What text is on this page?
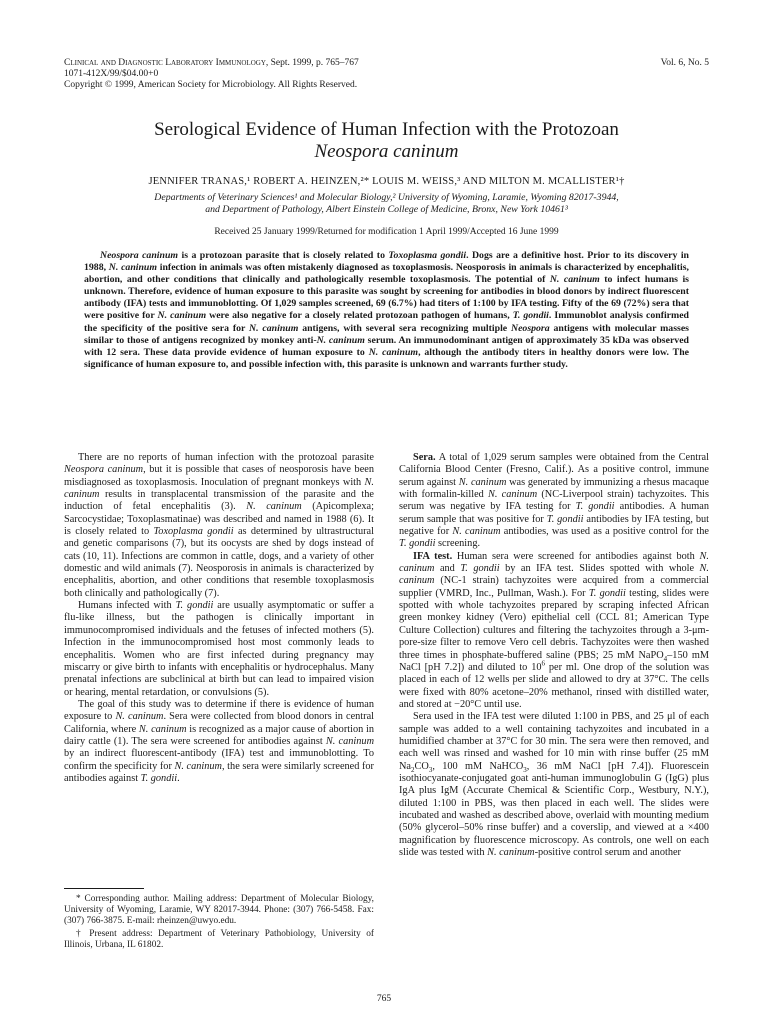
Clinical and Diagnostic Laboratory Immunology, Sept. 1999, p. 765–767
1071-412X/99/$04.00+0
Copyright © 1999, American Society for Microbiology. All Rights Reserved.
Vol. 6, No. 5
Serological Evidence of Human Infection with the Protozoan
Neospora caninum
JENNIFER TRANAS,¹ ROBERT A. HEINZEN,²* LOUIS M. WEISS,³ AND MILTON M. MCALLISTER¹†
Departments of Veterinary Sciences¹ and Molecular Biology,² University of Wyoming, Laramie, Wyoming 82017-3944,
and Department of Pathology, Albert Einstein College of Medicine, Bronx, New York 10461³
Received 25 January 1999/Returned for modification 1 April 1999/Accepted 16 June 1999
Neospora caninum is a protozoan parasite that is closely related to Toxoplasma gondii. Dogs are a definitive host. Prior to its discovery in 1988, N. caninum infection in animals was often mistakenly diagnosed as toxoplasmosis. Neosporosis in animals is characterized by encephalitis, abortion, and other conditions that clinically and pathologically resemble toxoplasmosis. The potential of N. caninum to infect humans is unknown. Therefore, evidence of human exposure to this parasite was sought by screening for antibodies in blood donors by indirect fluorescent antibody (IFA) tests and immunoblotting. Of 1,029 samples screened, 69 (6.7%) had titers of 1:100 by IFA testing. Fifty of the 69 (72%) sera that were positive for N. caninum were also negative for a closely related protozoan pathogen of humans, T. gondii. Immunoblot analysis confirmed the specificity of the positive sera for N. caninum antigens, with several sera recognizing multiple Neospora antigens with molecular masses similar to those of antigens recognized by monkey anti-N. caninum serum. An immunodominant antigen of approximately 35 kDa was observed with 12 sera. These data provide evidence of human exposure to N. caninum, although the antibody titers in healthy donors were low. The significance of human exposure to, and possible infection with, this parasite is unknown and warrants further study.

There are no reports of human infection with the protozoal parasite Neospora caninum, but it is possible that cases of neosporosis have been misdiagnosed as toxoplasmosis. Inoculation of pregnant monkeys with N. caninum results in transplacental transmission of the parasite and the induction of fetal encephalitis (3). N. caninum (Apicomplexa; Sarcocystidae; Toxoplasmatinae) was described and named in 1988 (6). It is closely related to Toxoplasma gondii as determined by ultrastructural and genetic comparisons (7), but its oocysts are shed by dogs instead of cats (10, 11). Infections are common in cattle, dogs, and a variety of other domestic and wild animals (7). Neosporosis in animals is characterized by encephalitis, abortion, and other conditions that resemble toxoplasmosis both clinically and pathologically (7).

Humans infected with T. gondii are usually asymptomatic or suffer a flu-like illness, but the pathogen is clinically important in immunocompromised individuals and the fetuses of infected mothers (5). Infection in the immunocompromised host most commonly leads to encephalitis. Women who are first infected during pregnancy may miscarry or give birth to infants with encephalitis or hydrocephalus. Many prenatal infections are subclinical at birth but can lead to impaired vision or hearing, mental retardation, or convulsions (5).

The goal of this study was to determine if there is evidence of human exposure to N. caninum. Sera were collected from blood donors in central California, where N. caninum is recognized as a major cause of abortion in dairy cattle (1). The sera were screened for antibodies against N. caninum by an indirect fluorescent-antibody (IFA) test and immunoblotting. To confirm the specificity for N. caninum, the sera were similarly screened for antibodies against T. gondii.

Sera. A total of 1,029 serum samples were obtained from the Central California Blood Center (Fresno, Calif.). As a positive control, immune serum against N. caninum was generated by immunizing a rhesus macaque with formalin-killed N. caninum (NC-Liverpool strain) tachyzoites. This serum was negative by IFA testing for T. gondii antibodies. A human serum sample that was positive for T. gondii antibodies by IFA testing, but negative for N. caninum antibodies, was used as a positive control for the T. gondii screening.

IFA test. Human sera were screened for antibodies against both N. caninum and T. gondii by an IFA test. Slides spotted with whole N. caninum (NC-1 strain) tachyzoites were acquired from a commercial supplier (VMRD, Inc., Pullman, Wash.). For T. gondii testing, slides were spotted with whole tachyzoites prepared by scraping infected African green monkey kidney (Vero) epithelial cell (CCL 81; American Type Culture Collection) cultures and filtering the tachyzoites through a 3-μm-pore-size filter to remove Vero cell debris. Tachyzoites were then washed three times in phosphate-buffered saline (PBS; 25 mM NaPO$_4$–150 mM NaCl [pH 7.2]) and diluted to $10^6$ per ml. One drop of the solution was placed in each of 12 wells per slide and allowed to dry at 37°C. The cells were fixed with 80% acetone–20% methanol, rinsed with distilled water, and stored at −20°C until use.

Sera used in the IFA test were diluted 1:100 in PBS, and 25 μl of each sample was added to a well containing tachyzoites and incubated in a humidified chamber at 37°C for 30 min. The sera were then removed, and each well was rinsed and washed for 10 min with rinse buffer (25 mM $Na_2CO_3$, 100 mM NaHCO$_3$, 36 mM NaCl [pH 7.4]). Fluorescein isothiocyanate-conjugated goat anti-human immunoglobulin G (IgG) plus IgA plus IgM (Accurate Chemical & Scientific Corp., Westbury, N.Y.), diluted 1:100 in PBS, was then placed in each well. The slides were incubated and washed as described above, overlaid with mounting medium (50% glycerol–50% rinse buffer) and a coverslip, and viewed at a ×400 magnification by fluorescence microscopy. As controls, one well on each slide was tested with N. caninum-positive control serum and another

* Corresponding author. Mailing address: Department of Molecular Biology, University of Wyoming, Laramie, WY 82017-3944. Phone: (307) 766-5458. Fax: (307) 766-3875. E-mail: rheinzen@uwyo.edu.

† Present address: Department of Veterinary Pathobiology, University of Illinois, Urbana, IL 61802.

765
